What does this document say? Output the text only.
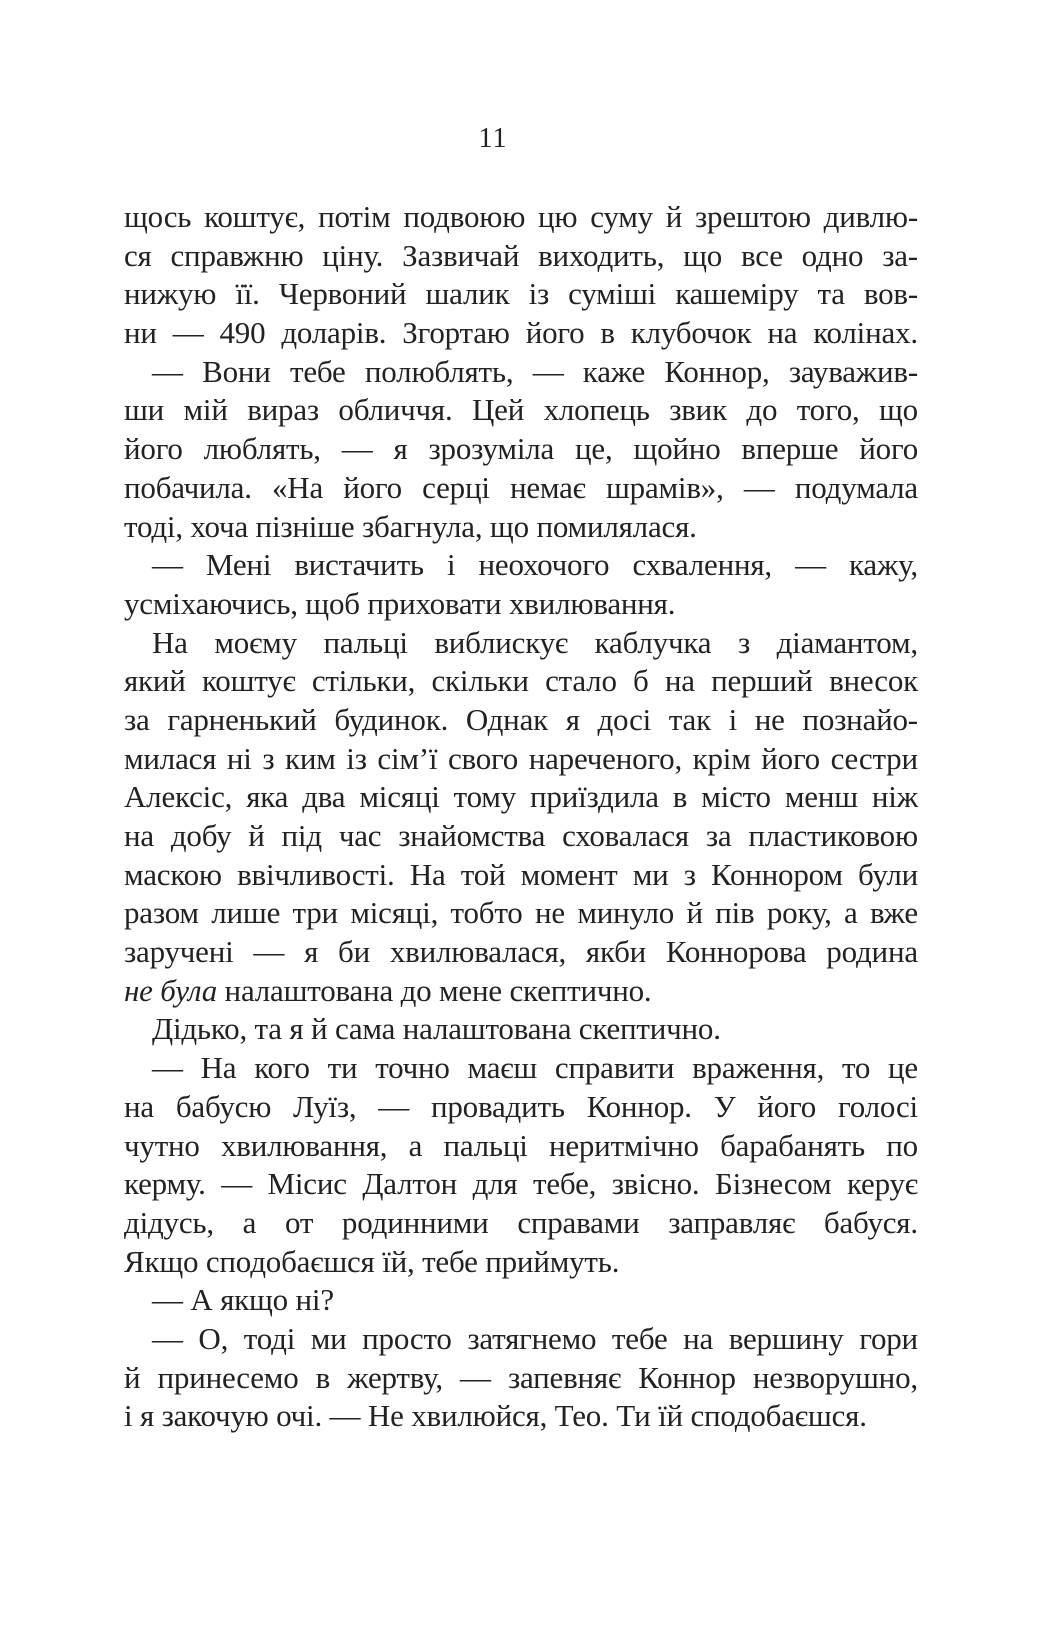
11
щось коштує, потім подвоюю цю суму й зрештою дивлю-
ся справжню ціну. Зазвичай виходить, що все одно за-
нижую її. Червоний шалик із суміші кашеміру та вов-
ни — 490 доларів. Згортаю його в клубочок на колінах.
— Вони тебе полюблять, — каже Коннор, зауважив-
ши мій вираз обличчя. Цей хлопець звик до того, що
його люблять, — я зрозуміла це, щойно вперше його
побачила. «На його серці немає шрамів», — подумала
тоді, хоча пізніше збагнула, що помилялася.
— Мені вистачить і неохочого схвалення, — кажу,
усміхаючись, щоб приховати хвилювання.
На моєму пальці виблискує каблучка з діамантом,
який коштує стільки, скільки стало б на перший внесок
за гарненький будинок. Однак я досі так і не познайо-
милася ні з ким із сім’ї свого нареченого, крім його сестри
Алексіс, яка два місяці тому приїздила в місто менш ніж
на добу й під час знайомства сховалася за пластиковою
маскою ввічливості. На той момент ми з Коннором були
разом лише три місяці, тобто не минуло й пів року, а вже
заручені — я би хвилювалася, якби Коннорова родина
не була налаштована до мене скептично.
Дідько, та я й сама налаштована скептично.
— На кого ти точно маєш справити враження, то це
на бабусю Луїз, — провадить Коннор. У його голосі
чутно хвилювання, а пальці неритмічно барабанять по
керму. — Місис Далтон для тебе, звісно. Бізнесом керує
дідусь, а от родинними справами заправляє бабуся.
Якщо сподобаєшся їй, тебе приймуть.
— А якщо ні?
— О, тоді ми просто затягнемо тебе на вершину гори
й принесемо в жертву, — запевняє Коннор незворушно,
і я закочую очі. — Не хвилюйся, Тео. Ти їй сподобаєшся.
